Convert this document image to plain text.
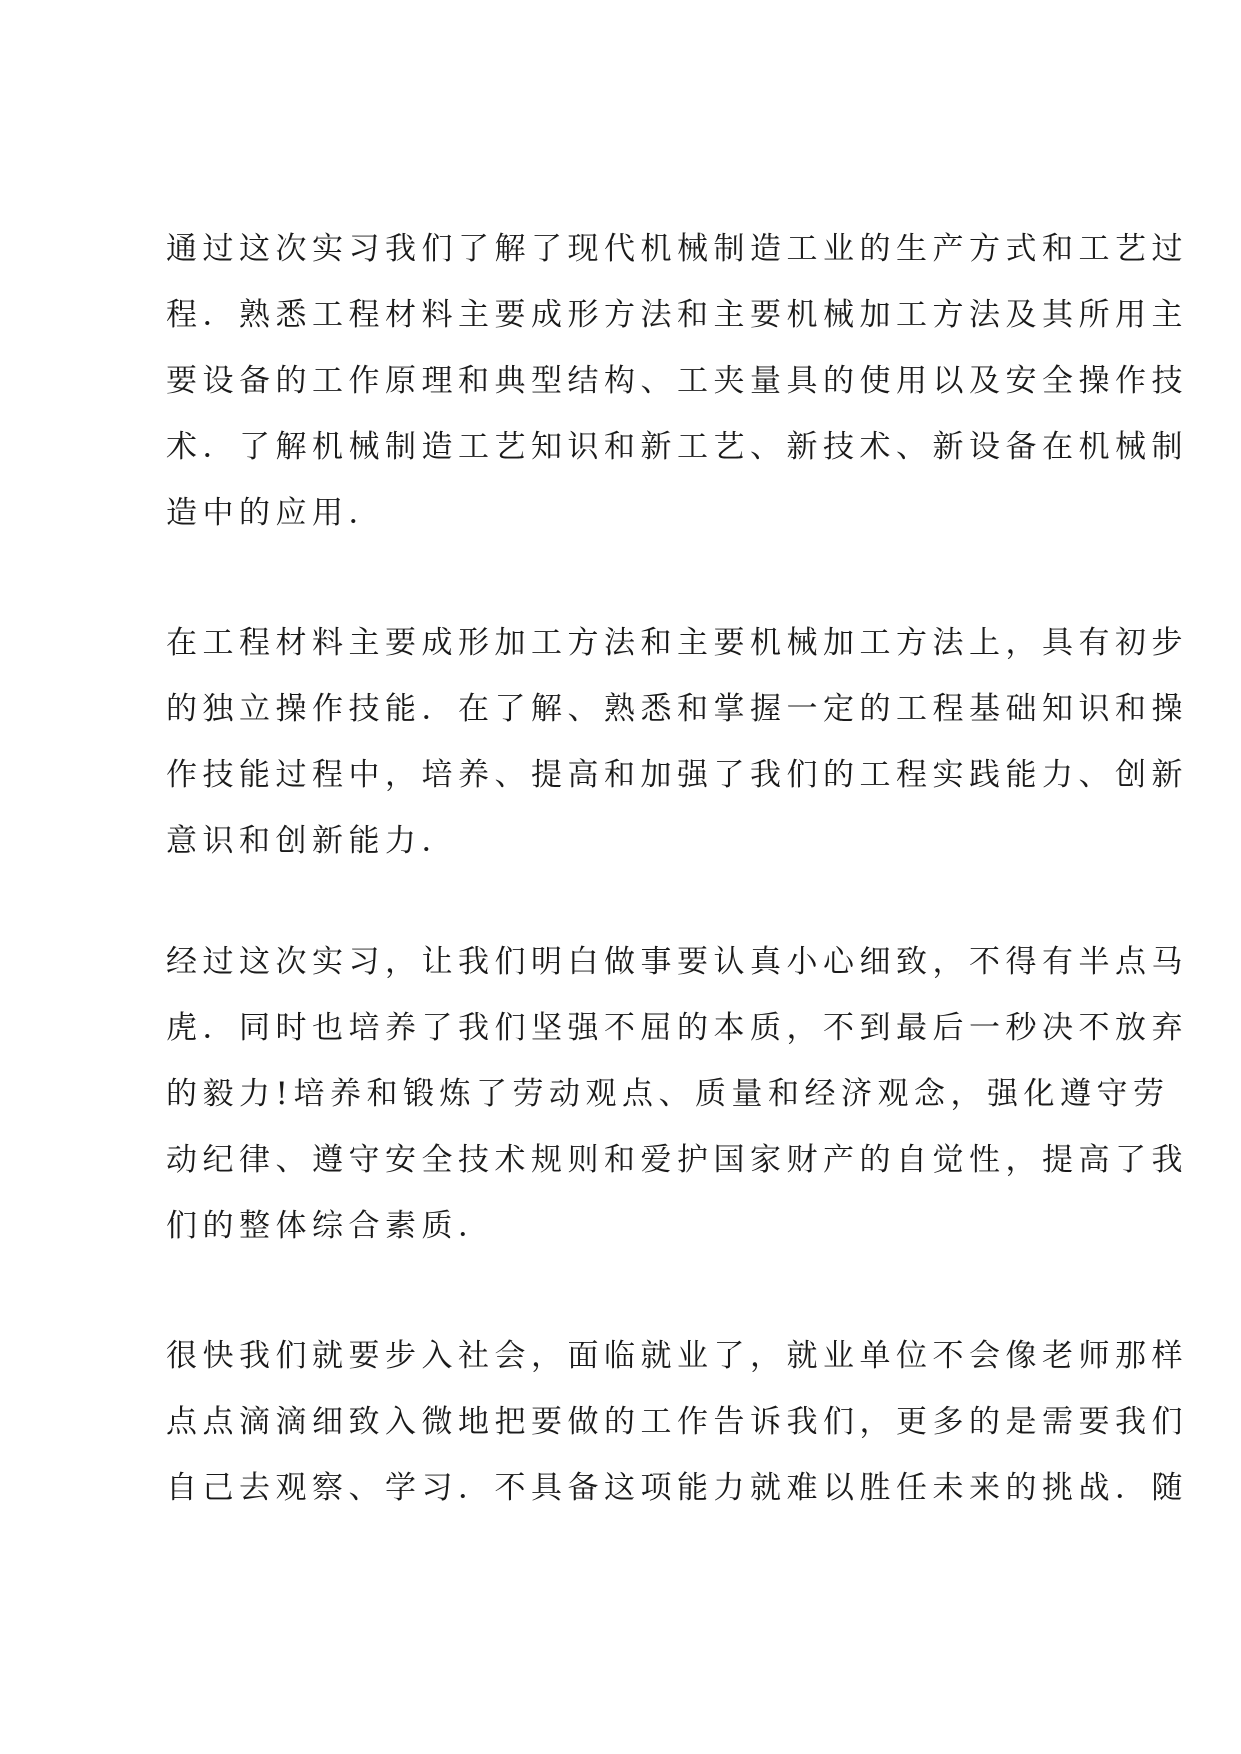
通过这次实习我们了解了现代机械制造工业的生产方式和工艺过
程．熟悉工程材料主要成形方法和主要机械加工方法及其所用主
要设备的工作原理和典型结构、工夹量具的使用以及安全操作技
术．了解机械制造工艺知识和新工艺、新技术、新设备在机械制
造中的应用．

在工程材料主要成形加工方法和主要机械加工方法上，具有初步
的独立操作技能．在了解、熟悉和掌握一定的工程基础知识和操
作技能过程中，培养、提高和加强了我们的工程实践能力、创新
意识和创新能力．

经过这次实习，让我们明白做事要认真小心细致，不得有半点马
虎．同时也培养了我们坚强不屈的本质，不到最后一秒决不放弃
的毅力!培养和锻炼了劳动观点、质量和经济观念，强化遵守劳
动纪律、遵守安全技术规则和爱护国家财产的自觉性，提高了我
们的整体综合素质．

很快我们就要步入社会，面临就业了，就业单位不会像老师那样
点点滴滴细致入微地把要做的工作告诉我们，更多的是需要我们
自己去观察、学习．不具备这项能力就难以胜任未来的挑战．随
